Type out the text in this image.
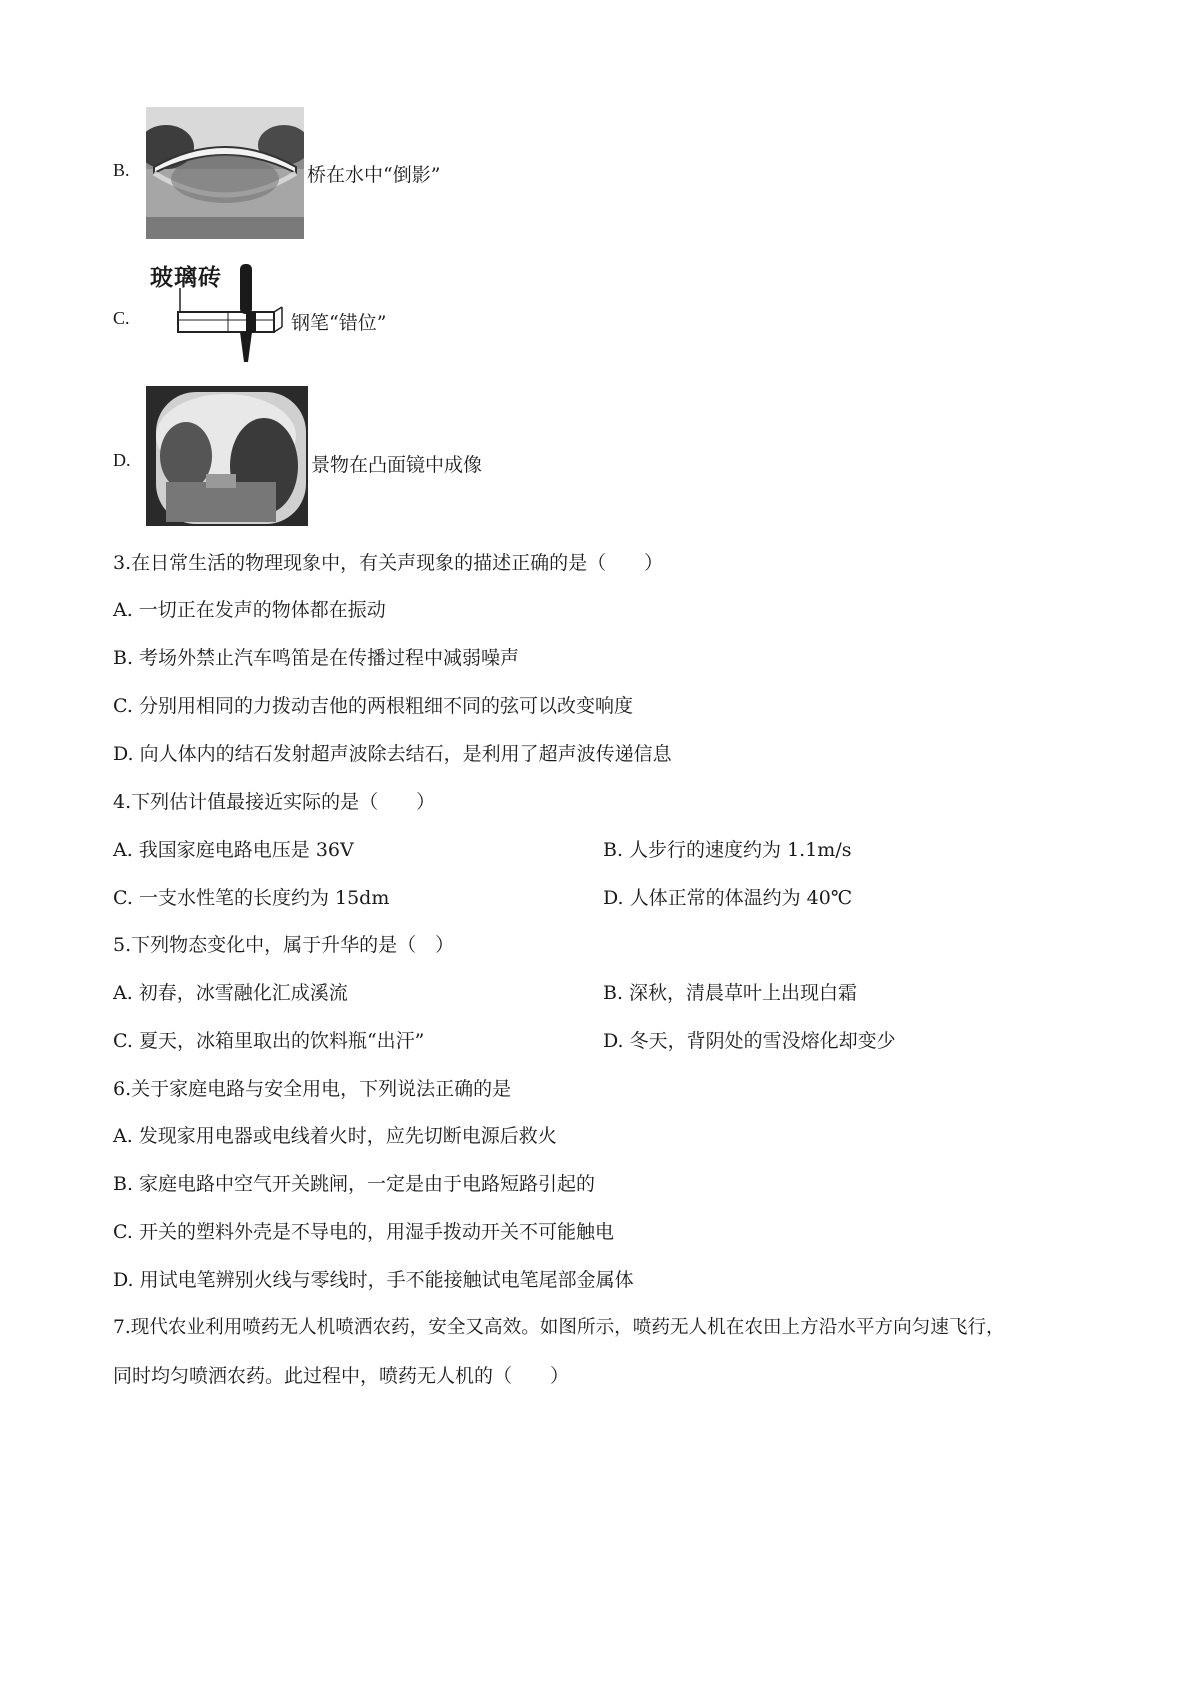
B.	桥在水中“倒影”
C.
玻璃砖
钢笔“错位”
D.	景物在凸面镜中成像
3.在日常生活的物理现象中，有关声现象的描述正确的是（　　）
A. 一切正在发声的物体都在振动
B. 考场外禁止汽车鸣笛是在传播过程中减弱噪声
C. 分别用相同的力拨动吉他的两根粗细不同的弦可以改变响度
D. 向人体内的结石发射超声波除去结石，是利用了超声波传递信息
4.下列估计值最接近实际的是（　　）
A. 我国家庭电路电压是 36V	B. 人步行的速度约为 1.1m/s
C. 一支水性笔的长度约为 15dm	D. 人体正常的体温约为 40℃
5.下列物态变化中，属于升华的是（　）
A. 初春，冰雪融化汇成溪流	B. 深秋，清晨草叶上出现白霜
C. 夏天，冰箱里取出的饮料瓶“出汗”	D. 冬天，背阴处的雪没熔化却变少
6.关于家庭电路与安全用电，下列说法正确的是
A. 发现家用电器或电线着火时，应先切断电源后救火
B. 家庭电路中空气开关跳闸，一定是由于电路短路引起的
C. 开关的塑料外壳是不导电的，用湿手拨动开关不可能触电
D. 用试电笔辨别火线与零线时，手不能接触试电笔尾部金属体
7.现代农业利用喷药无人机喷洒农药，安全又高效。如图所示，喷药无人机在农田上方沿水平方向匀速飞行，
同时均匀喷洒农药。此过程中，喷药无人机的（　　）
